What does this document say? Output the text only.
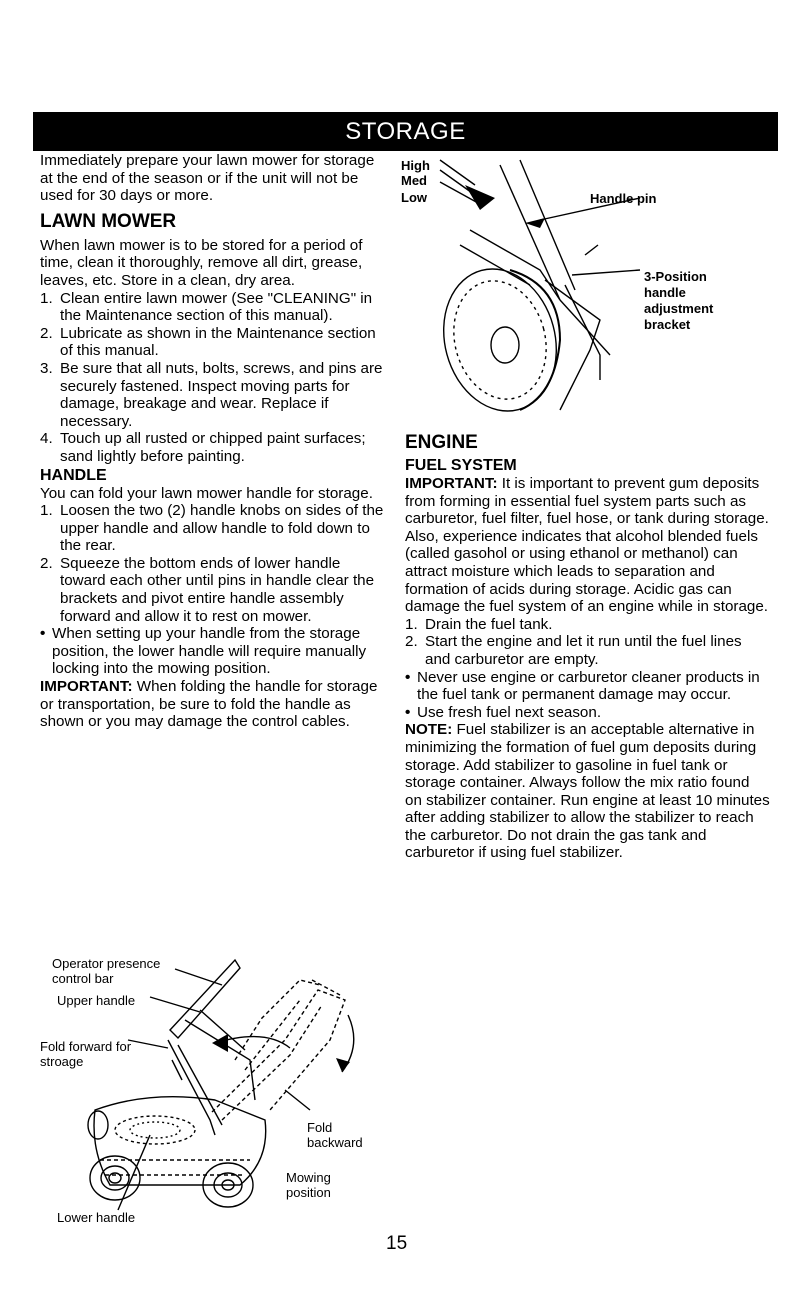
STORAGE

Immediately prepare your lawn mower for storage at the end of the season or if the unit will not be used for 30 days or more.

LAWN MOWER

When lawn mower is to be stored for a period of time, clean it thoroughly, remove all dirt, grease, leaves, etc. Store in a clean, dry area.

1. Clean entire lawn mower (See "CLEANING" in the Maintenance section of this manual).
2. Lubricate as shown in the Maintenance section of this manual.
3. Be sure that all nuts, bolts, screws, and pins are securely fastened. Inspect moving parts for damage, breakage and wear. Replace if necessary.
4. Touch up all rusted or chipped paint surfaces; sand lightly before painting.
HANDLE

You can fold your lawn mower handle for storage.

1. Loosen the two (2) handle knobs on sides of the upper handle and allow handle to fold down to the rear.
2. Squeeze the bottom ends of lower handle toward each other until pins in handle clear the brackets and pivot entire handle assembly forward and allow it to rest on mower.
• When setting up your handle from the storage position, the lower handle will require manually locking into the mowing position.

IMPORTANT: When folding the handle for storage or transportation, be sure to fold the handle as shown or you may damage the control cables.

Operator presence control bar
Upper handle
Fold forward for stroage
Fold backward
Mowing position
Lower handle
High
Med
Low	Handle pin
3-Position handle adjustment bracket
ENGINE
FUEL SYSTEM

IMPORTANT: It is important to prevent gum deposits from forming in essential fuel system parts such as carburetor, fuel filter, fuel hose, or tank during storage. Also, experience indicates that alcohol blended fuels (called gasohol or using ethanol or methanol) can attract moisture which leads to separation and formation of acids during storage. Acidic gas can damage the fuel system of an engine while in storage.

1. Drain the fuel tank.
2. Start the engine and let it run until the fuel lines and carburetor are empty.
• Never use engine or carburetor cleaner products in the fuel tank or permanent damage may occur.
• Use fresh fuel next season.

NOTE: Fuel stabilizer is an acceptable alternative in minimizing the formation of fuel gum deposits during storage. Add stabilizer to gasoline in fuel tank or storage container. Always follow the mix ratio found on stabilizer container. Run engine at least 10 minutes after adding stabilizer to allow the stabilizer to reach the carburetor. Do not drain the gas tank and carburetor if using fuel stabilizer.

15
